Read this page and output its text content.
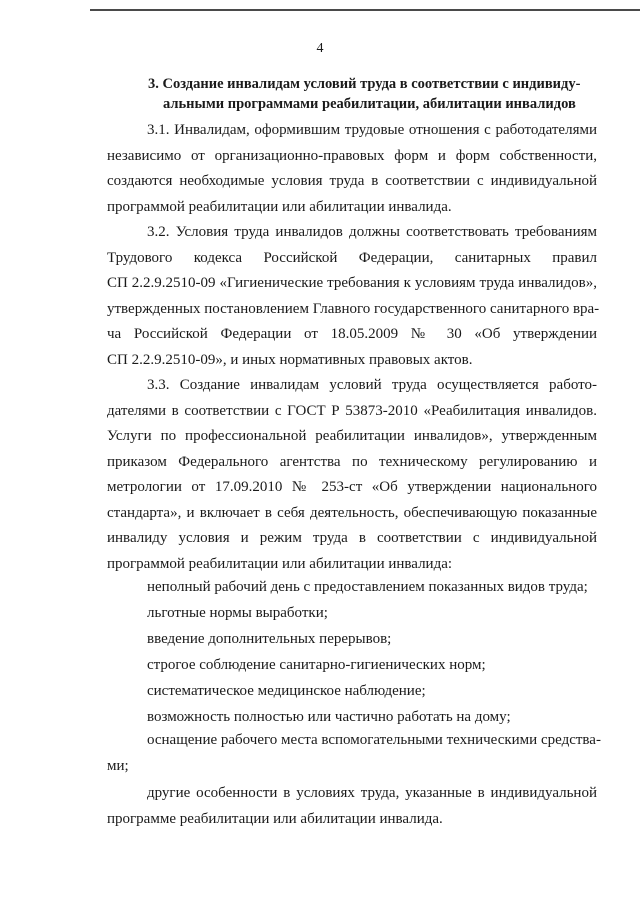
4
3. Создание инвалидам условий труда в соответствии с индивиду-
альными программами реабилитации, абилитации инвалидов
3.1. Инвалидам, оформившим трудовые отношения с работодателями
независимо от организационно-правовых форм и форм собственности,
создаются необходимые условия труда в соответствии с индивидуальной
программой реабилитации или абилитации инвалида.
3.2. Условия труда инвалидов должны соответствовать требованиям
Трудового кодекса Российской Федерации, санитарных правил
СП 2.2.9.2510-09 «Гигиенические требования к условиям труда инвалидов»,
утвержденных постановлением Главного государственного санитарного вра-
ча Российской Федерации от 18.05.2009 № 30 «Об утверждении
СП 2.2.9.2510-09», и иных нормативных правовых актов.
3.3. Создание инвалидам условий труда осуществляется работо-
дателями в соответствии с ГОСТ Р 53873-2010 «Реабилитация инвалидов.
Услуги по профессиональной реабилитации инвалидов», утвержденным
приказом Федерального агентства по техническому регулированию и
метрологии от 17.09.2010 № 253-ст «Об утверждении национального
стандарта», и включает в себя деятельность, обеспечивающую показанные
инвалиду условия и режим труда в соответствии с индивидуальной
программой реабилитации или абилитации инвалида:
неполный рабочий день с предоставлением показанных видов труда;
льготные нормы выработки;
введение дополнительных перерывов;
строгое соблюдение санитарно-гигиенических норм;
систематическое медицинское наблюдение;
возможность полностью или частично работать на дому;
оснащение рабочего места вспомогательными техническими средства-
ми;
другие особенности в условиях труда, указанные в индивидуальной
программе реабилитации или абилитации инвалида.
